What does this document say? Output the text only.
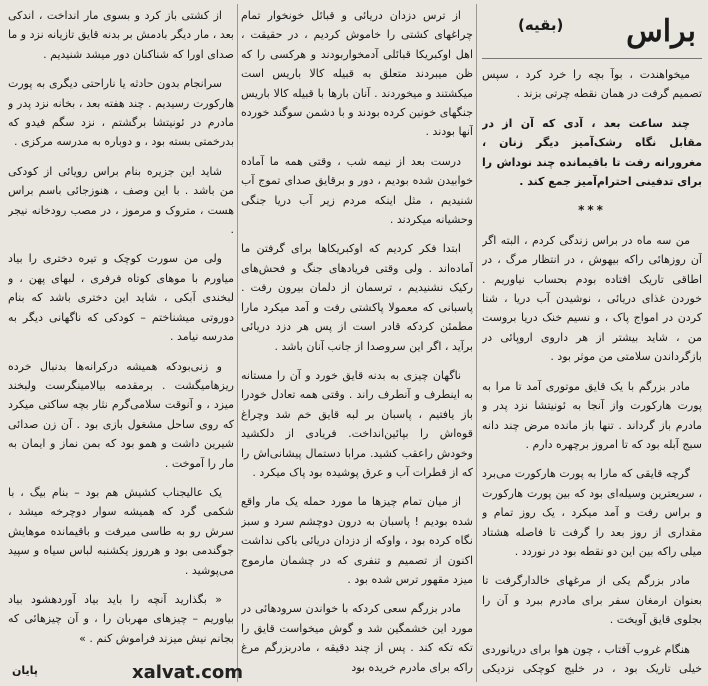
براس
(بقیه)

میخواهندت ، بوآ بچه را خرد کرد ، سپس تصمیم گرفت در همان نقطه چرتی بزند .

چند ساعت بعد ، آدی که آن از در مقابل نگاه رشک‌آمیز دیگر زنان ، مغرورانه رفت تا باقیمانده چند نوداش را برای تدفینی احترام‌آمیز جمع کند .

***

من سه ماه در براس زندگی کردم ، البته اگر آن روزهائی راکه بیهوش ، در انتظار مرگ ، در اطاقی تاریک افتاده بودم بحساب نیاوریم . خوردن غذای دریائی ، نوشیدن آب دریا ، شنا کردن در امواج پاک ، و نسیم خنک دریا بروست من ، شاید بیشتر از هر داروی اروپائی در بازگرداندن سلامتی من موثر بود .

مادر بزرگم با یک قایق موتوری آمد تا مرا به پورت هارکورت واز آنجا به ئونیتشا نزد پدر و مادرم باز گرداند . تنها باز مانده مرض چند دانه سبج آبله بود که تا امروز برچهره دارم .

گرچه قایقی که مارا به پورت هارکورت می‌برد ، سریعترین وسیله‌ای بود که بین پورت هارکورت و براس رفت و آمد میکرد ، یک روز تمام و مقداری از روز بعد را گرفت تا فاصله هشتاد میلی راکه بین این دو نقطه بود در نوردد .

مادر بزرگم یکی از مرغهای خالدارگرفت تا بعنوان ارمغان سفر برای مادرم ببرد و آن را بجلوی قایق آویخت .

هنگام غروب آفتاب ، چون هوا برای دریانوردی خیلی تاریک بود ، در خلیج کوچکی نزدیکی

از ترس دزدان دریائی و قبائل خونخوار تمام چراغهای کشتی را خاموش کردیم ، در حقیقت ، اهل اوکبریکا قبائلی آدمخواربودند و هرکسی را که ظن میبردند متعلق به قبیله کالا باریس است میکشتند و میخوردند . آنان بارها با قبیله کالا باریس جنگهای خونین کرده بودند و با دشمن سوگند خورده آنها بودند .

درست بعد از نیمه شب ، وقتی همه ما آماده خوابیدن شده بودیم ، دور و برقایق صدای تموج آب شنیدیم ، مثل اینکه مردم زیر آب دریا جنگی وحشیانه میکردند .

ابتدا فکر کردیم که اوکبریکاها برای گرفتن ما آماده‌اند . ولی وقتی فریادهای جنگ و فحش‌های رکیک نشنیدیم ، ترسمان از دلمان بیرون رفت . پاسبانی که معمولا پاکشتی رفت و آمد میکرد مارا مطمئن کردکه قادر است از پس هر دزد دریائی برآید ، اگر این سروصدا از جانب آنان باشد .

ناگهان چیزی به بدنه قایق خورد و آن را مستانه به اینطرف و آنطرف راند . وقتی همه تعادل خودرا باز یافتیم ، پاسبان بر لبه قایق خم شد وچراغ قوه‌اش را بپائین‌انداخت. فریادی از دلکشید وخودش راعقب کشید. مرابا دستمال پیشانی‌اش را که از قطرات آب و عرق پوشیده بود پاک میکرد .

از میان تمام چیزها ما مورد حمله یک مار واقع شده بودیم ! پاسبان به درون دوچشم سرد و سبز نگاه کرده بود ، واوکه از دزدان دریائی باکی نداشت اکنون از تصمیم و تنفری که در چشمان مارموج میزد مقهور ترس شده بود .

مادر بزرگم سعی کردکه با خواندن سرودهائی در مورد این خشمگین شد و گوش میخواست قایق را تکه تکه کند . پس از چند دقیقه ، مادربزرگم مرغ راکه برای مادرم خریده بود

از کشتی باز کرد و بسوی مار انداخت ، اندکی بعد ، مار دیگر بادمش بر بدنه قایق تازیانه نزد و ما صدای اورا که شناکنان دور میشد شنیدیم .

سرانجام بدون حادثه یا ناراحتی دیگری به پورت هارکورت رسیدیم . چند هفته بعد ، بخانه نزد پدر و مادرم در ئونیتشا برگشتم ، نزد سگم فیدو که بدرخمتی بسته بود ، و دوباره به مدرسه مرکزی .

شاید این جزیره بنام براس رویائی از کودکی من باشد . با این وصف ، هنوزجائی باسم براس هست ، متروک و مرموز ، در مصب رودخانه نیجر .

ولی من سورت کوچک و تیره دختری را بیاد میاورم با موهای کوتاه فرفری ، لبهای پهن ، و لبخندی آبکی ، شاید این دختری باشد که بنام دوروتی میشناختم – کودکی که ناگهانی دیگر به مدرسه نیامد .

و زنی‌بودکه همیشه درکرانه‌ها بدنبال خرده ریزهامیگشت . برمقدمه بیالامینگرست ولبخند میزد ، و آنوقت سلامی‌گرم نثار بچه ساکتی میکرد که روی ساحل مشغول بازی بود . آن زن صدائی شیرین داشت و همو بود که بمن نماز و ایمان به مار را آموخت .

یک عالیجناب کشیش هم بود – بنام بیگ ، با شکمی گرد که همیشه سوار دوچرخه میشد ، سرش رو به طاسی میرفت و باقیمانده موهایش جوگندمی بود و هرروز یکشنبه لباس سیاه و سپید می‌پوشید .

« بگذارید آنچه را باید بیاد آوردهشود بیاد بیاوریم – چیزهای مهربان را ، و آن چیزهائی که بجانم نیش میزند فراموش کنم . »

xalvat.com
پایان
